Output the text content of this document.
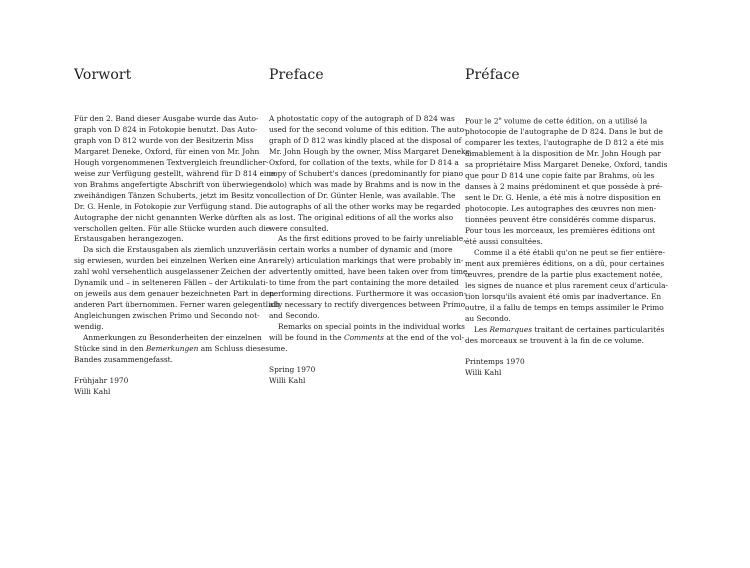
Vorwort

Für den 2. Band dieser Ausgabe wurde das Auto-

graph von D 824 in Fotokopie benutzt. Das Auto-

graph von D 812 wurde von der Besitzerin Miss

Margaret Deneke, Oxford, für einen von Mr. John

Hough vorgenommenen Textvergleich freundlicher-

weise zur Verfügung gestellt, während für D 814 eine

von Brahms angefertigte Abschrift von überwiegend

zweihändigen Tänzen Schuberts, jetzt im Besitz von

Dr. G. Henle, in Fotokopie zur Verfügung stand. Die

Autographe der nicht genannten Werke dürften als

verschollen gelten. Für alle Stücke wurden auch die

Erstausgaben herangezogen.

Da sich die Erstausgaben als ziemlich unzuverläs-

sig erwiesen, wurden bei einzelnen Werken eine An-

zahl wohl versehentlich ausgelassener Zeichen der

Dynamik und – in selteneren Fällen – der Artikulati-

on jeweils aus dem genauer bezeichneten Part in den

anderen Part übernommen. Ferner waren gelegentlich

Angleichungen zwischen Primo und Secondo not-

wendig.

Anmerkungen zu Besonderheiten der einzelnen

Stücke sind in den Bemerkungen am Schluss dieses

Bandes zusammengefasst.

Frühjahr 1970

Willi Kahl

Preface

A photostatic copy of the autograph of D 824 was

used for the second volume of this edition. The auto-

graph of D 812 was kindly placed at the disposal of

Mr. John Hough by the owner, Miss Margaret Deneke,

Oxford, for collation of the texts, while for D 814 a

copy of Schubert's dances (predominantly for piano

solo) which was made by Brahms and is now in the

collection of Dr. Günter Henle, was available. The

autographs of all the other works may be regarded

as lost. The original editions of all the works also

were consulted.

As the first editions proved to be fairly unreliable,

in certain works a number of dynamic and (more

rarely) articulation markings that were probably in-

advertently omitted, have been taken over from time

to time from the part containing the more detailed

performing directions. Furthermore it was occasion-

ally necessary to rectify divergences between Primo

and Secondo.

Remarks on special points in the individual works

will be found in the Comments at the end of the vol-

ume.

Spring 1970

Willi Kahl

Préface

Pour le 2e volume de cette édition, on a utilisé la

photocopie de l'autographe de D 824. Dans le but de

comparer les textes, l'autographe de D 812 a été mis

aimablement à la disposition de Mr. John Hough par

sa propriétaire Miss Margaret Deneke, Oxford, tandis

que pour D 814 une copie faite par Brahms, où les

danses à 2 mains prédominent et que possède à pré-

sent le Dr. G. Henle, a été mis à notre disposition en

photocopie. Les autographes des œuvres non men-

tionnées peuvent être considérés comme disparus.

Pour tous les morceaux, les premières éditions ont

été aussi consultées.

Comme il a été établi qu'on ne peut se fier entière-

ment aux premières éditions, on a dû, pour certaines

œuvres, prendre de la partie plus exactement notée,

les signes de nuance et plus rarement ceux d'articula-

tion lorsqu'ils avaient été omis par inadvertance. En

outre, il a fallu de temps en temps assimiler le Primo

au Secondo.

Les Remarques traitant de certaines particularités

des morceaux se trouvent à la fin de ce volume.

Printemps 1970

Willi Kahl
